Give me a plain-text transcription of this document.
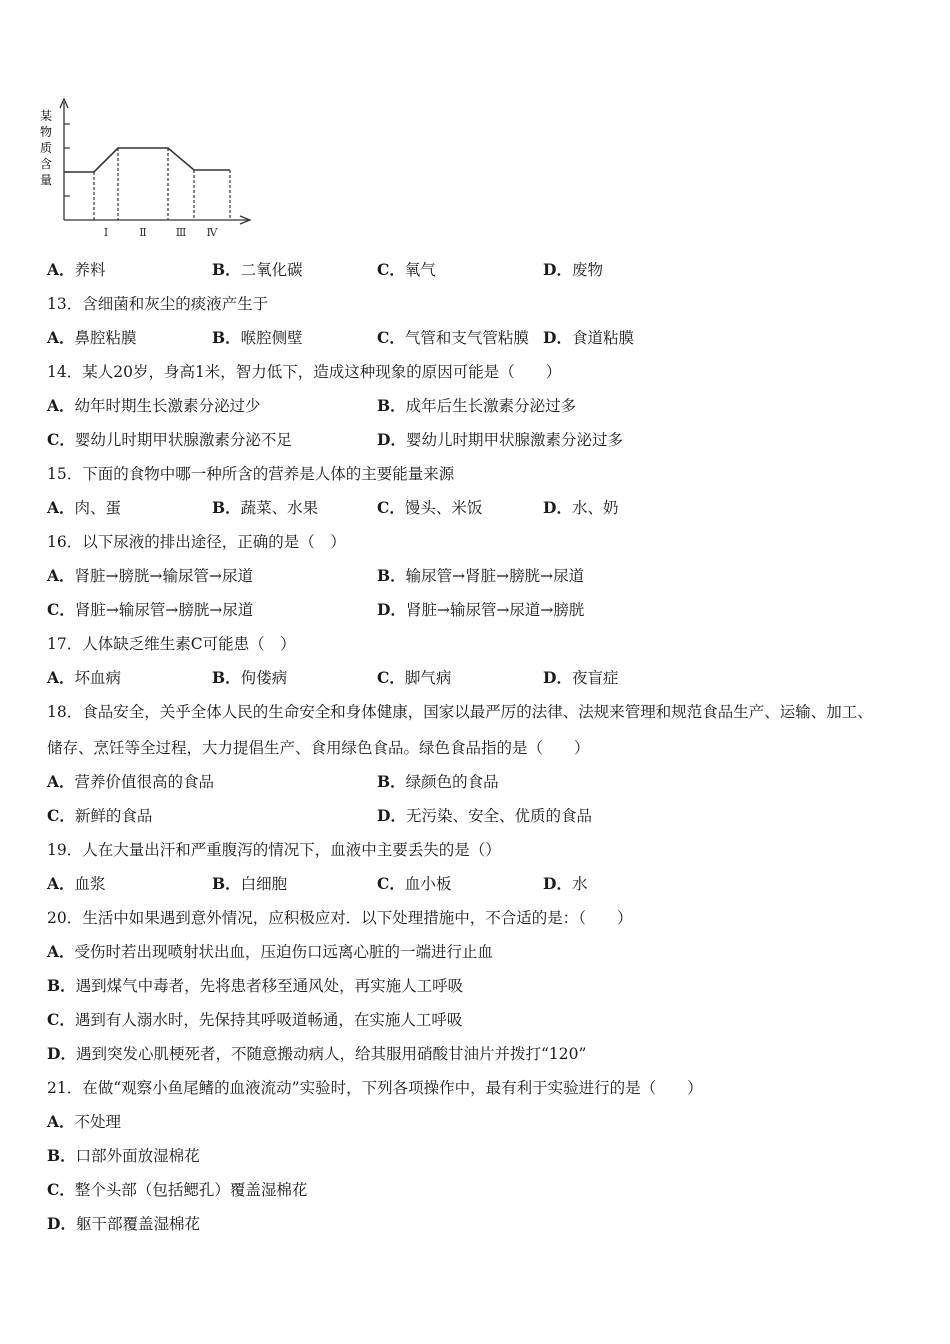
某
物
质
含
量
Ⅰ	Ⅱ	Ⅲ Ⅳ
A．养料	B．二氧化碳	C．氧气	D．废物
13．含细菌和灰尘的痰液产生于
A．鼻腔粘膜	B．喉腔侧壁	C．气管和支气管粘膜 D．食道粘膜
14．某人20岁，身高1米，智力低下，造成这种现象的原因可能是（　　）
A．幼年时期生长激素分泌过少	B．成年后生长激素分泌过多
C．婴幼儿时期甲状腺激素分泌不足	D．婴幼儿时期甲状腺激素分泌过多
15．下面的食物中哪一种所含的营养是人体的主要能量来源
A．肉、蛋	B．蔬菜、水果	C．馒头、米饭	D．水、奶
16．以下尿液的排出途径，正确的是（　）
A．肾脏→膀胱→输尿管→尿道	B．输尿管→肾脏→膀胱→尿道
C．肾脏→输尿管→膀胱→尿道	D．肾脏→输尿管→尿道→膀胱
17．人体缺乏维生素C可能患（　）
A．坏血病	B．佝偻病	C．脚气病	D．夜盲症
18．食品安全，关乎全体人民的生命安全和身体健康，国家以最严厉的法律、法规来管理和规范食品生产、运输、加工、
储存、烹饪等全过程，大力提倡生产、食用绿色食品。绿色食品指的是（　　）
A．营养价值很高的食品	B．绿颜色的食品
C．新鲜的食品	D．无污染、安全、优质的食品
19．人在大量出汗和严重腹泻的情况下，血液中主要丢失的是（）
A．血浆	B．白细胞	C．血小板	D．水
20．生活中如果遇到意外情况，应积极应对．以下处理措施中，不合适的是：（　　）
A．受伤时若出现喷射状出血，压迫伤口远离心脏的一端进行止血
B．遇到煤气中毒者，先将患者移至通风处，再实施人工呼吸
C．遇到有人溺水时，先保持其呼吸道畅通，在实施人工呼吸
D．遇到突发心肌梗死者，不随意搬动病人，给其服用硝酸甘油片并拨打“120”
21．在做“观察小鱼尾鳍的血液流动”实验时，下列各项操作中，最有利于实验进行的是（　　）
A．不处理
B．口部外面放湿棉花
C．整个头部（包括鳃孔）覆盖湿棉花
D．躯干部覆盖湿棉花
